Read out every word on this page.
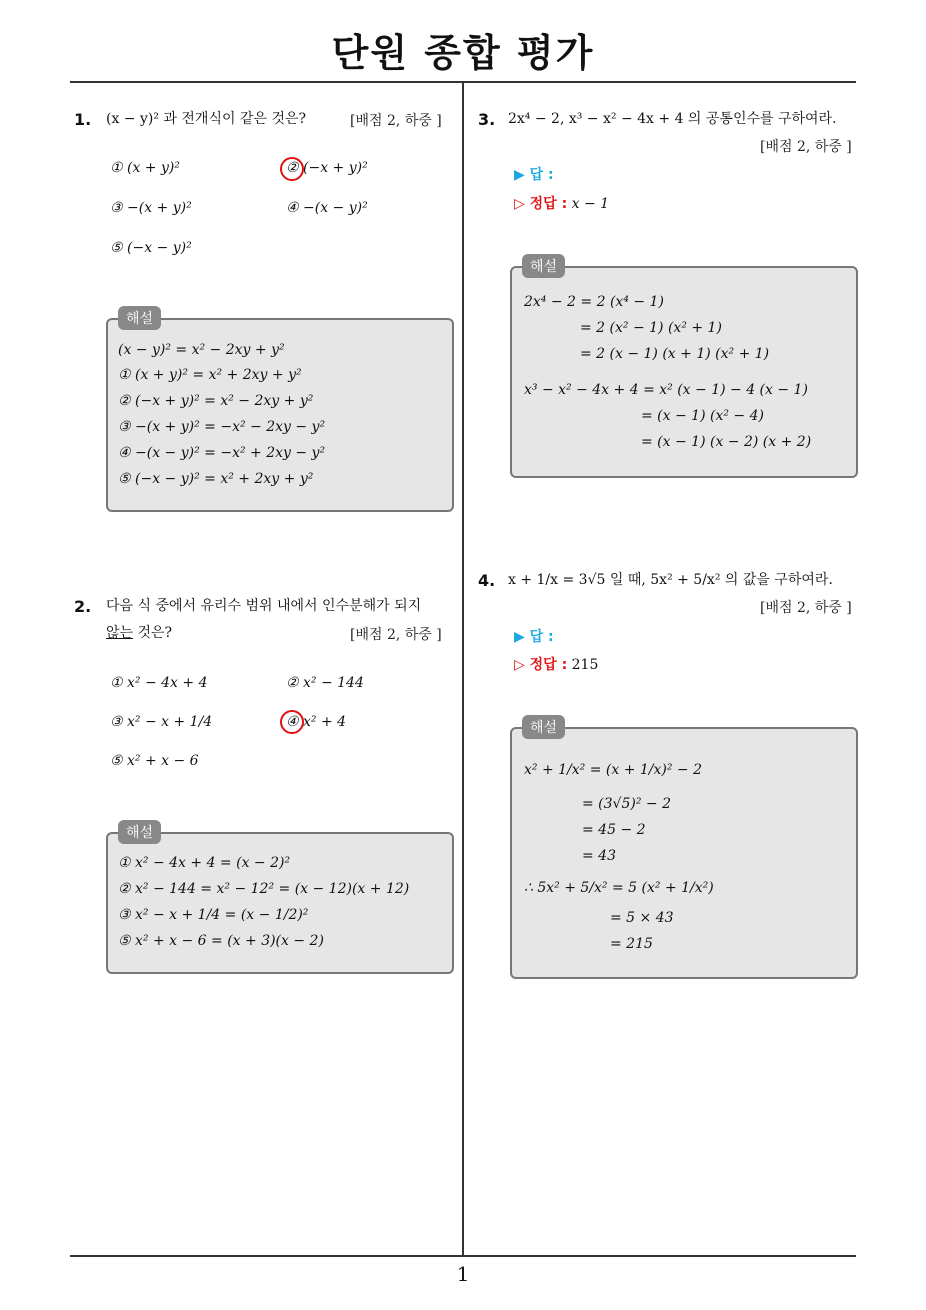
단원 종합 평가
1
1. (x − y)² 과 전개식이 같은 것은?	[배점 2, 하중 ]
① (x + y)²	② (−x + y)²
③ −(x + y)²	④ −(x − y)²
⑤ (−x − y)²
해설
(x − y)² = x² − 2xy + y²
① (x + y)² = x² + 2xy + y²
② (−x + y)² = x² − 2xy + y²
③ −(x + y)² = −x² − 2xy − y²
④ −(x − y)² = −x² + 2xy − y²
⑤ (−x − y)² = x² + 2xy + y²
2. 다음 식 중에서 유리수 범위 내에서 인수분해가 되지
않는 것은?	[배점 2, 하중 ]
① x² − 4x + 4	② x² − 144
③ x² − x + 1/4	④ x² + 4
⑤ x² + x − 6
해설
① x² − 4x + 4 = (x − 2)²
② x² − 144 = x² − 12² = (x − 12)(x + 12)
③ x² − x + 1/4 = (x − 1/2)²
⑤ x² + x − 6 = (x + 3)(x − 2)
3. 2x⁴ − 2, x³ − x² − 4x + 4 의 공통인수를 구하여라.
[배점 2, 하중 ]
▶ 답 :
▷ 정답 : x − 1
해설
2x⁴ − 2 = 2 (x⁴ − 1)
= 2 (x² − 1) (x² + 1)
= 2 (x − 1) (x + 1) (x² + 1)
x³ − x² − 4x + 4 = x² (x − 1) − 4 (x − 1)
= (x − 1) (x² − 4)
= (x − 1) (x − 2) (x + 2)
4. x + 1/x = 3√5 일 때, 5x² + 5/x² 의 값을 구하여라.
[배점 2, 하중 ]
▶ 답 :
▷ 정답 : 215
해설
x² + 1/x² = (x + 1/x)² − 2
= (3√5)² − 2
= 45 − 2
= 43
∴ 5x² + 5/x² = 5 (x² + 1/x²)
= 5 × 43
= 215
